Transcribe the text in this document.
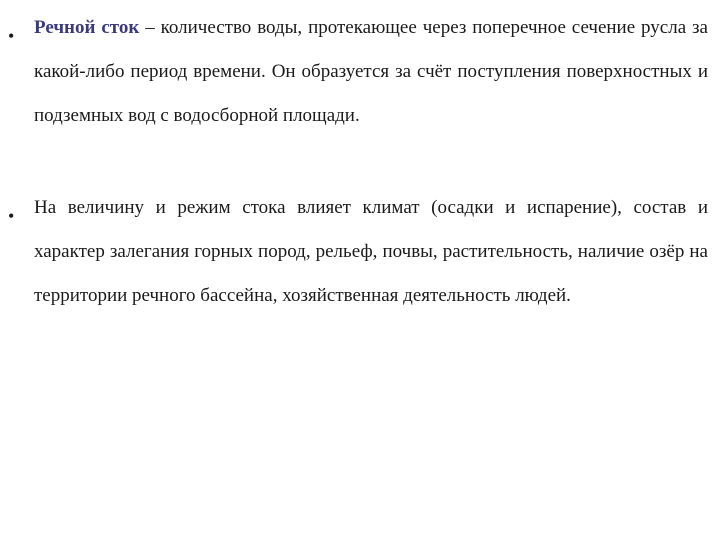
• Речной сток – количество воды, протекающее через поперечное сечение русла за какой-либо период времени. Он образуется за счёт поступления поверхностных и подземных вод с водосборной площади.

• На величину и режим стока влияет климат (осадки и испарение), состав и характер залегания горных пород, рельеф, почвы, растительность, наличие озёр на территории речного бассейна, хозяйственная деятельность людей.
